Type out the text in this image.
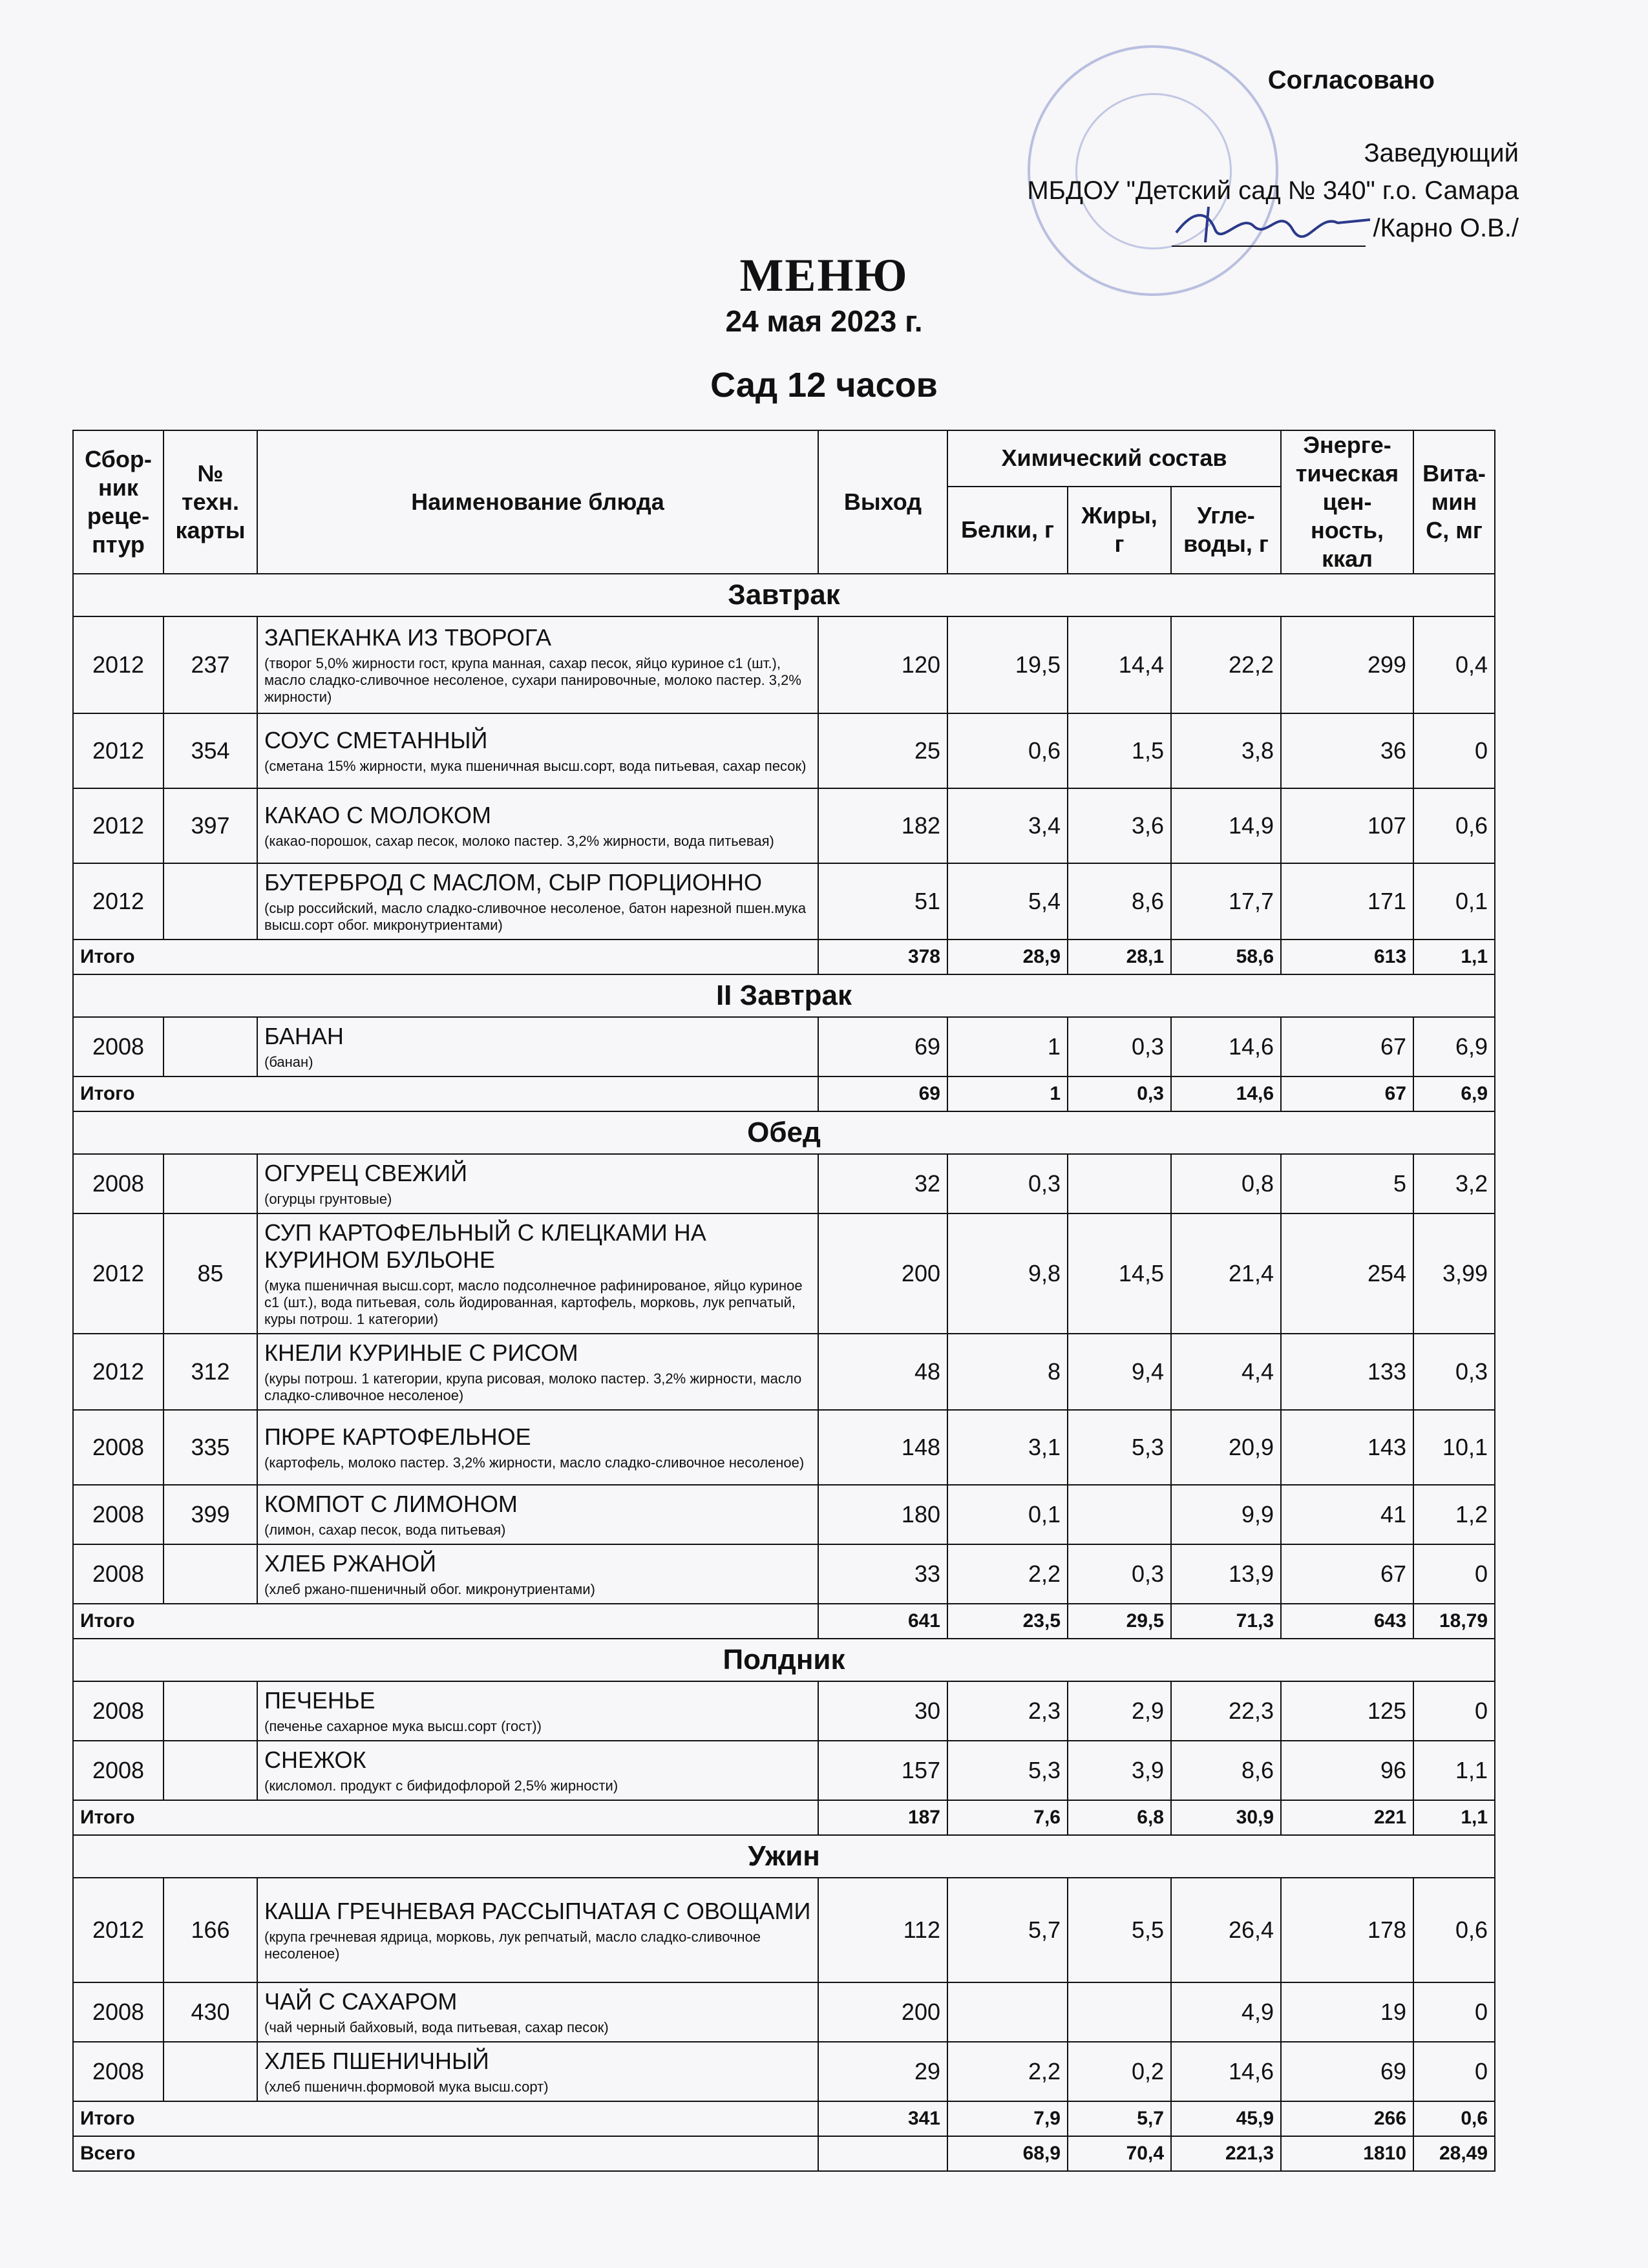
Согласовано
Заведующий
МБДОУ "Детский сад № 340" г.о. Самара
/Карно О.В./
МЕНЮ
24 мая 2023 г.
Сад 12 часов
Сбор-ник реце-птур	№ техн. карты	Наименование блюда	Выход	Химический состав			Энерге-тическая цен-ность, ккал	Вита-мин С, мг
				Белки, г	Жиры, г	Угле-воды, г		
Завтрак								
2012	237	ЗАПЕКАНКА ИЗ ТВОРОГА
(творог 5,0% жирности гост, крупа манная, сахар песок, яйцо куриное с1 (шт.), масло сладко-сливочное несоленое, сухари панировочные, молоко пастер. 3,2% жирности)	120	19,5	14,4	22,2	299	0,4
2012	354	СОУС СМЕТАННЫЙ
(сметана 15% жирности, мука пшеничная высш.сорт, вода питьевая, сахар песок)	25	0,6	1,5	3,8	36	0
2012	397	КАКАО С МОЛОКОМ
(какао-порошок, сахар песок, молоко пастер. 3,2% жирности, вода питьевая)	182	3,4	3,6	14,9	107	0,6
2012		БУТЕРБРОД С МАСЛОМ, СЫР ПОРЦИОННО
(сыр российский, масло сладко-сливочное несоленое, батон нарезной пшен.мука высш.сорт обог. микронутриентами)	51	5,4	8,6	17,7	171	0,1
Итого			378	28,9	28,1	58,6	613	1,1
II Завтрак								
2008		БАНАН
(банан)	69	1	0,3	14,6	67	6,9
Итого			69	1	0,3	14,6	67	6,9
Обед								
2008		ОГУРЕЦ СВЕЖИЙ
(огурцы грунтовые)	32	0,3		0,8	5	3,2
2012	85	СУП КАРТОФЕЛЬНЫЙ С КЛЕЦКАМИ НА КУРИНОМ БУЛЬОНЕ
(мука пшеничная высш.сорт, масло подсолнечное рафинированое, яйцо куриное с1 (шт.), вода питьевая, соль йодированная, картофель, морковь, лук репчатый, куры потрош. 1 категории)	200	9,8	14,5	21,4	254	3,99
2012	312	КНЕЛИ КУРИНЫЕ С РИСОМ
(куры потрош. 1 категории, крупа рисовая, молоко пастер. 3,2% жирности, масло сладко-сливочное несоленое)	48	8	9,4	4,4	133	0,3
2008	335	ПЮРЕ КАРТОФЕЛЬНОЕ
(картофель, молоко пастер. 3,2% жирности, масло сладко-сливочное несоленое)	148	3,1	5,3	20,9	143	10,1
2008	399	КОМПОТ С ЛИМОНОМ
(лимон, сахар песок, вода питьевая)	180	0,1		9,9	41	1,2
2008		ХЛЕБ РЖАНОЙ
(хлеб ржано-пшеничный обог. микронутриентами)	33	2,2	0,3	13,9	67	0
Итого			641	23,5	29,5	71,3	643	18,79
Полдник								
2008		ПЕЧЕНЬЕ
(печенье сахарное мука высш.сорт (гост))	30	2,3	2,9	22,3	125	0
2008		СНЕЖОК
(кисломол. продукт с бифидофлорой 2,5% жирности)	157	5,3	3,9	8,6	96	1,1
Итого			187	7,6	6,8	30,9	221	1,1
Ужин								
2012	166	КАША ГРЕЧНЕВАЯ РАССЫПЧАТАЯ С ОВОЩАМИ
(крупа гречневая ядрица, морковь, лук репчатый, масло сладко-сливочное несоленое)	112	5,7	5,5	26,4	178	0,6
2008	430	ЧАЙ С САХАРОМ
(чай черный байховый, вода питьевая, сахар песок)	200			4,9	19	0
2008		ХЛЕБ ПШЕНИЧНЫЙ
(хлеб пшеничн.формовой мука высш.сорт)	29	2,2	0,2	14,6	69	0
Итого			341	7,9	5,7	45,9	266	0,6
Всего				68,9	70,4	221,3	1810	28,49
